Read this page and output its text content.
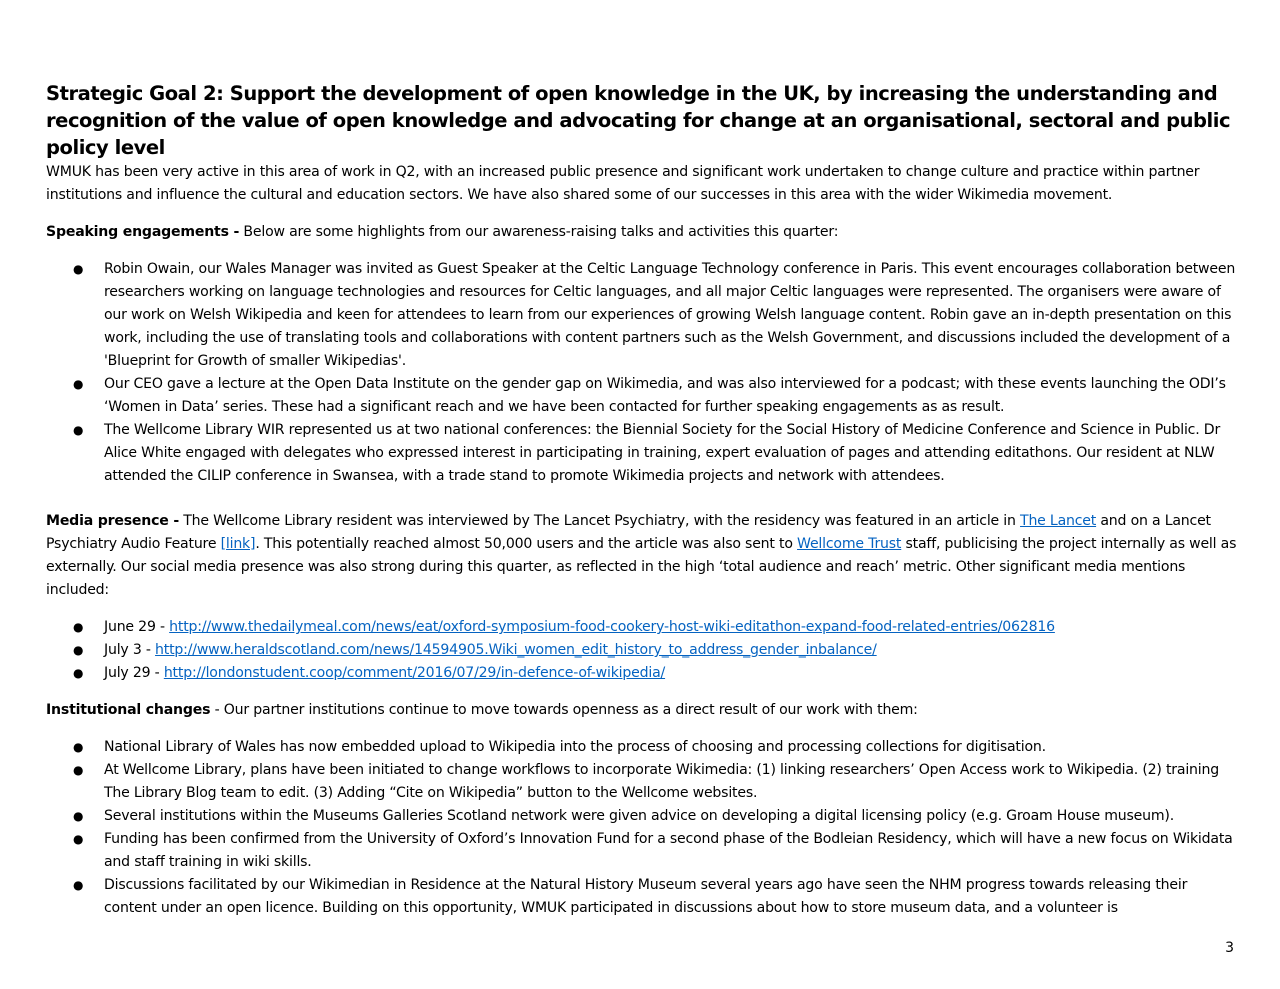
Strategic Goal 2: Support the development of open knowledge in the UK, by increasing the understanding and recognition of the value of open knowledge and advocating for change at an organisational, sectoral and public policy level

WMUK has been very active in this area of work in Q2, with an increased public presence and significant work undertaken to change culture and practice within partner institutions and influence the cultural and education sectors. We have also shared some of our successes in this area with the wider Wikimedia movement.

Speaking engagements - Below are some highlights from our awareness-raising talks and activities this quarter:

● Robin Owain, our Wales Manager was invited as Guest Speaker at the Celtic Language Technology conference in Paris. This event encourages collaboration between researchers working on language technologies and resources for Celtic languages, and all major Celtic languages were represented. The organisers were aware of our work on Welsh Wikipedia and keen for attendees to learn from our experiences of growing Welsh language content. Robin gave an in-depth presentation on this work, including the use of translating tools and collaborations with content partners such as the Welsh Government, and discussions included the development of a 'Blueprint for Growth of smaller Wikipedias'.
● Our CEO gave a lecture at the Open Data Institute on the gender gap on Wikimedia, and was also interviewed for a podcast; with these events launching the ODI’s ‘Women in Data’ series. These had a significant reach and we have been contacted for further speaking engagements as as result.
● The Wellcome Library WIR represented us at two national conferences: the Biennial Society for the Social History of Medicine Conference and Science in Public. Dr Alice White engaged with delegates who expressed interest in participating in training, expert evaluation of pages and attending editathons. Our resident at NLW attended the CILIP conference in Swansea, with a trade stand to promote Wikimedia projects and network with attendees.

Media presence - The Wellcome Library resident was interviewed by The Lancet Psychiatry, with the residency was featured in an article in The Lancet and on a Lancet Psychiatry Audio Feature [link]. This potentially reached almost 50,000 users and the article was also sent to Wellcome Trust staff, publicising the project internally as well as externally. Our social media presence was also strong during this quarter, as reflected in the high ‘total audience and reach’ metric. Other significant media mentions included:

● June 29 - http://www.thedailymeal.com/news/eat/oxford-symposium-food-cookery-host-wiki-editathon-expand-food-related-entries/062816
● July 3 - http://www.heraldscotland.com/news/14594905.Wiki_women_edit_history_to_address_gender_inbalance/
● July 29 - http://londonstudent.coop/comment/2016/07/29/in-defence-of-wikipedia/

Institutional changes - Our partner institutions continue to move towards openness as a direct result of our work with them:

● National Library of Wales has now embedded upload to Wikipedia into the process of choosing and processing collections for digitisation.
● At Wellcome Library, plans have been initiated to change workflows to incorporate Wikimedia: (1) linking researchers’ Open Access work to Wikipedia. (2) training The Library Blog team to edit. (3) Adding “Cite on Wikipedia” button to the Wellcome websites.
● Several institutions within the Museums Galleries Scotland network were given advice on developing a digital licensing policy (e.g. Groam House museum).
● Funding has been confirmed from the University of Oxford’s Innovation Fund for a second phase of the Bodleian Residency, which will have a new focus on Wikidata and staff training in wiki skills.
● Discussions facilitated by our Wikimedian in Residence at the Natural History Museum several years ago have seen the NHM progress towards releasing their content under an open licence. Building on this opportunity, WMUK participated in discussions about how to store museum data, and a volunteer is
3
